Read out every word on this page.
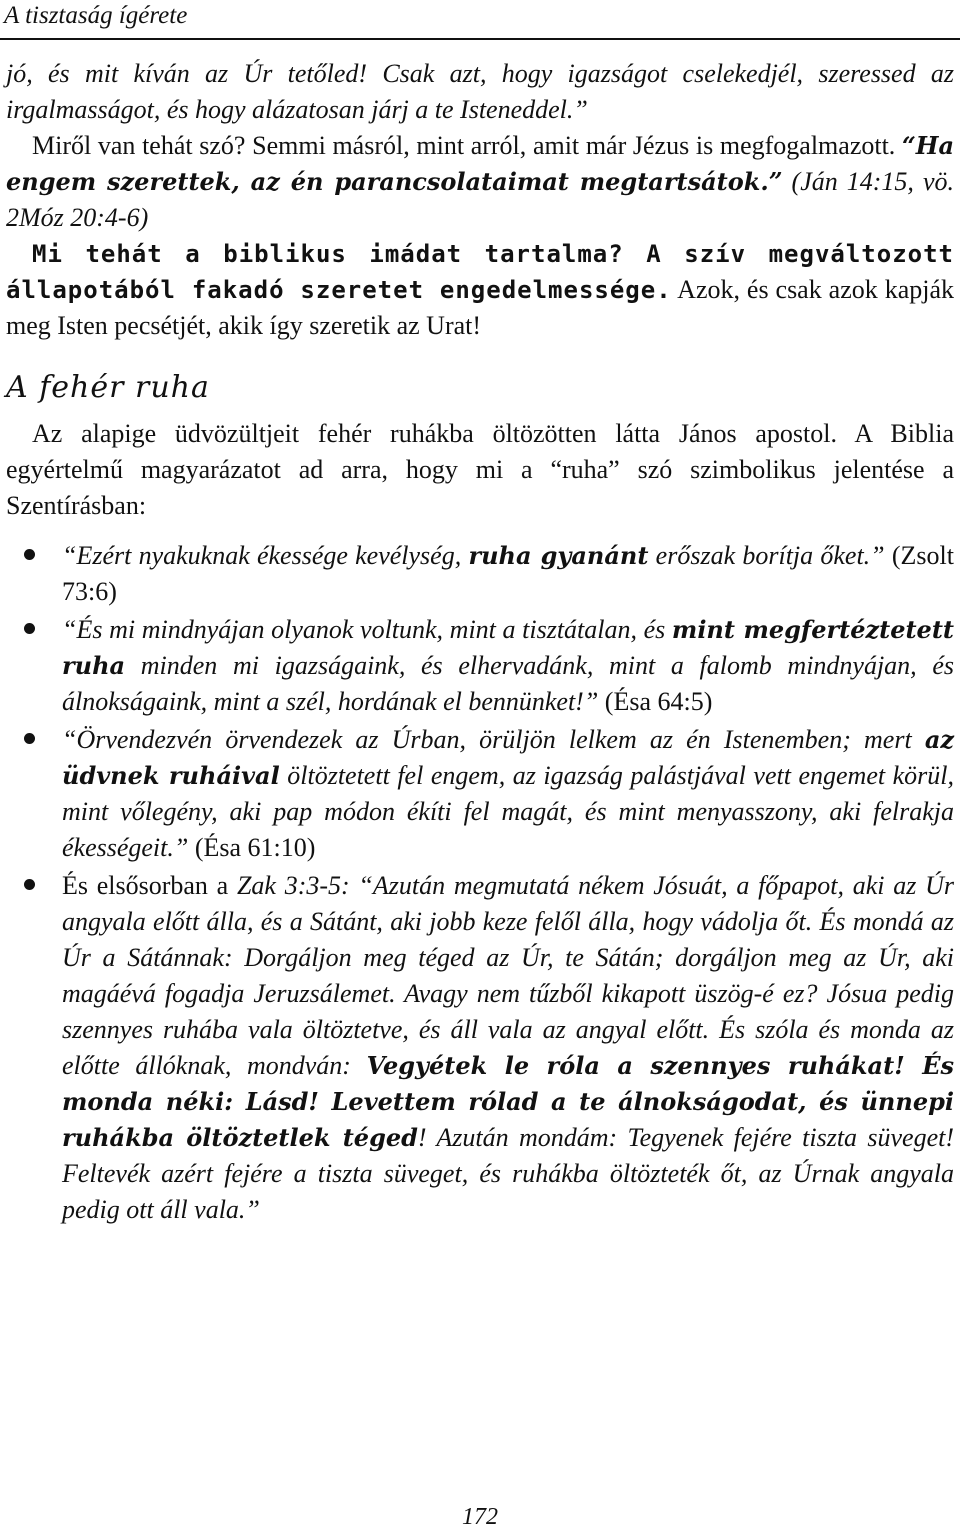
A tisztaság ígérete

jó, és mit kíván az Úr tetőled! Csak azt, hogy igazságot cselekedjél, szeressed az irgalmasságot, és hogy alázatosan járj a te Isteneddel.”

Miről van tehát szó? Semmi másról, mint arról, amit már Jézus is megfogalmazott. “Ha engem szerettek, az én parancsolataimat megtartsátok.” (Ján 14:15, vö. 2Móz 20:4-6)

Mi tehát a biblikus imádat tartalma? A szív megváltozott állapotából fakadó szeretet engedelmessége. Azok, és csak azok kapják meg Isten pecsétjét, akik így szeretik az Urat!

A fehér ruha

Az alapige üdvözültjeit fehér ruhákba öltözötten látta János apostol. A Biblia egyértelmű magyarázatot ad arra, hogy mi a “ruha” szó szimbolikus jelentése a Szentírásban:

“Ezért nyakuknak ékessége kevélység, ruha gyanánt erőszak borítja őket.” (Zsolt 73:6)
“És mi mindnyájan olyanok voltunk, mint a tisztátalan, és mint megfertéztetett ruha minden mi igazságaink, és elhervadánk, mint a falomb mindnyájan, és álnokságaink, mint a szél, hordának el bennünket!” (Ésa 64:5)
“Örvendezvén örvendezek az Úrban, örüljön lelkem az én Istenemben; mert az üdvnek ruháival öltöztetett fel engem, az igazság palástjával vett engemet körül, mint vőlegény, aki pap módon ékíti fel magát, és mint menyasszony, aki felrakja ékességeit.” (Ésa 61:10)
És elsősorban a Zak 3:3-5: “Azután megmutatá nékem Jósuát, a főpapot, aki az Úr angyala előtt álla, és a Sátánt, aki jobb keze felől álla, hogy vádolja őt. És mondá az Úr a Sátánnak: Dorgáljon meg téged az Úr, te Sátán; dorgáljon meg az Úr, aki magáévá fogadja Jeruzsálemet. Avagy nem tűzből kikapott üszög-é ez? Jósua pedig szennyes ruhába vala öltöztetve, és áll vala az angyal előtt. És szóla és monda az előtte állóknak, mondván: Vegyétek le róla a szennyes ruhákat! És monda néki: Lásd! Levettem rólad a te álnokságodat, és ünnepi ruhákba öltöztetlek téged! Azután mondám: Tegyenek fejére tiszta süveget! Feltevék azért fejére a tiszta süveget, és ruhákba öltözteték őt, az Úrnak angyala pedig ott áll vala.”
172
